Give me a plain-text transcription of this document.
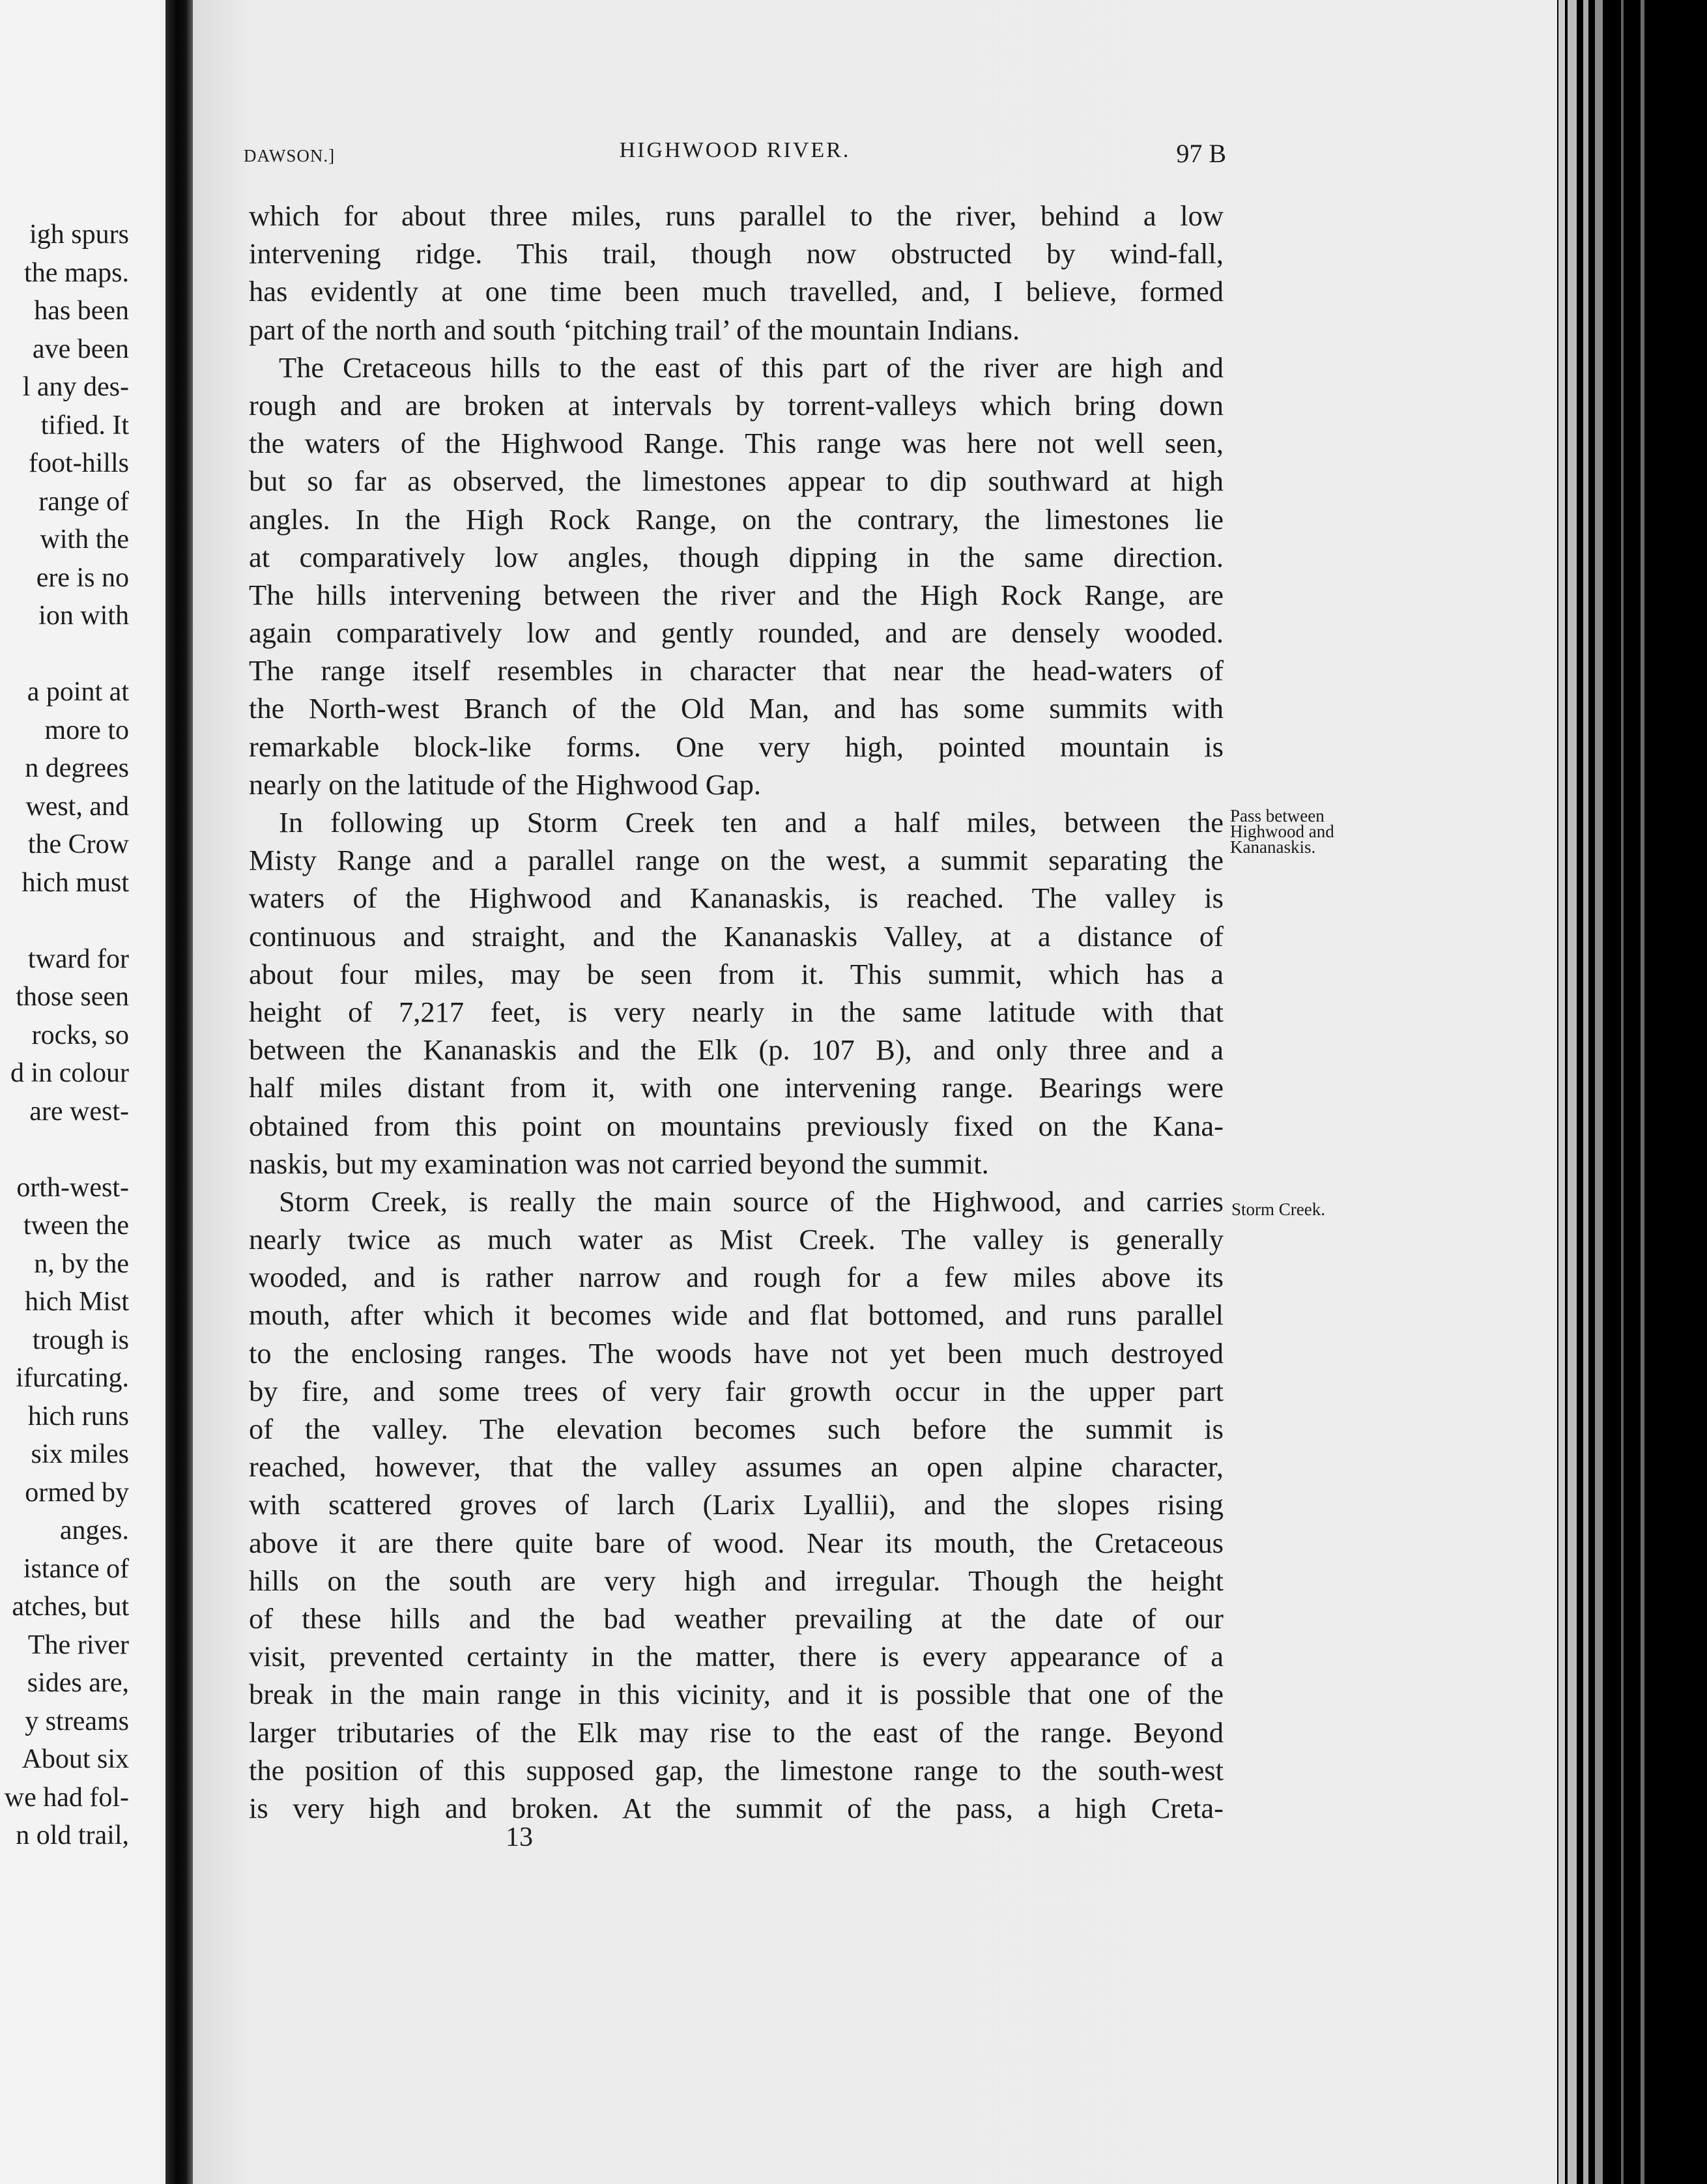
igh spurs
the maps.
has been
ave been
l any des-
tified. It
foot-hills
range of
with the
ere is no
ion with
a point at
more to
n degrees
west, and
the Crow
hich must
tward for
those seen
rocks, so
d in colour
are west-
orth-west-
tween the
n, by the
hich Mist
trough is
ifurcating.
hich runs
six miles
ormed by
anges.
istance of
atches, but
The river
sides are,
y streams
About six
we had fol-
n old trail,
DAWSON.]	HIGHWOOD RIVER.	97 B
which for about three miles, runs parallel to the river, behind a low
intervening ridge. This trail, though now obstructed by wind-fall,
has evidently at one time been much travelled, and, I believe, formed
part of the north and south ‘pitching trail’ of the mountain Indians.
The Cretaceous hills to the east of this part of the river are high and
rough and are broken at intervals by torrent-valleys which bring down
the waters of the Highwood Range. This range was here not well seen,
but so far as observed, the limestones appear to dip southward at high
angles. In the High Rock Range, on the contrary, the limestones lie
at comparatively low angles, though dipping in the same direction.
The hills intervening between the river and the High Rock Range, are
again comparatively low and gently rounded, and are densely wooded.
The range itself resembles in character that near the head-waters of
the North-west Branch of the Old Man, and has some summits with
remarkable block-like forms. One very high, pointed mountain is
nearly on the latitude of the Highwood Gap.
In following up Storm Creek ten and a half miles, between the
Misty Range and a parallel range on the west, a summit separating the
waters of the Highwood and Kananaskis, is reached. The valley is
continuous and straight, and the Kananaskis Valley, at a distance of
about four miles, may be seen from it. This summit, which has a
height of 7,217 feet, is very nearly in the same latitude with that
between the Kananaskis and the Elk (p. 107 B), and only three and a
half miles distant from it, with one intervening range. Bearings were
obtained from this point on mountains previously fixed on the Kana-
naskis, but my examination was not carried beyond the summit.
Storm Creek, is really the main source of the Highwood, and carries
nearly twice as much water as Mist Creek. The valley is generally
wooded, and is rather narrow and rough for a few miles above its
mouth, after which it becomes wide and flat bottomed, and runs parallel
to the enclosing ranges. The woods have not yet been much destroyed
by fire, and some trees of very fair growth occur in the upper part
of the valley. The elevation becomes such before the summit is
reached, however, that the valley assumes an open alpine character,
with scattered groves of larch (Larix Lyallii), and the slopes rising
above it are there quite bare of wood. Near its mouth, the Cretaceous
hills on the south are very high and irregular. Though the height
of these hills and the bad weather prevailing at the date of our
visit, prevented certainty in the matter, there is every appearance of a
break in the main range in this vicinity, and it is possible that one of the
larger tributaries of the Elk may rise to the east of the range. Beyond
the position of this supposed gap, the limestone range to the south-west
is very high and broken. At the summit of the pass, a high Creta-
13
Pass between
Highwood and
Kananaskis.
Storm Creek.
